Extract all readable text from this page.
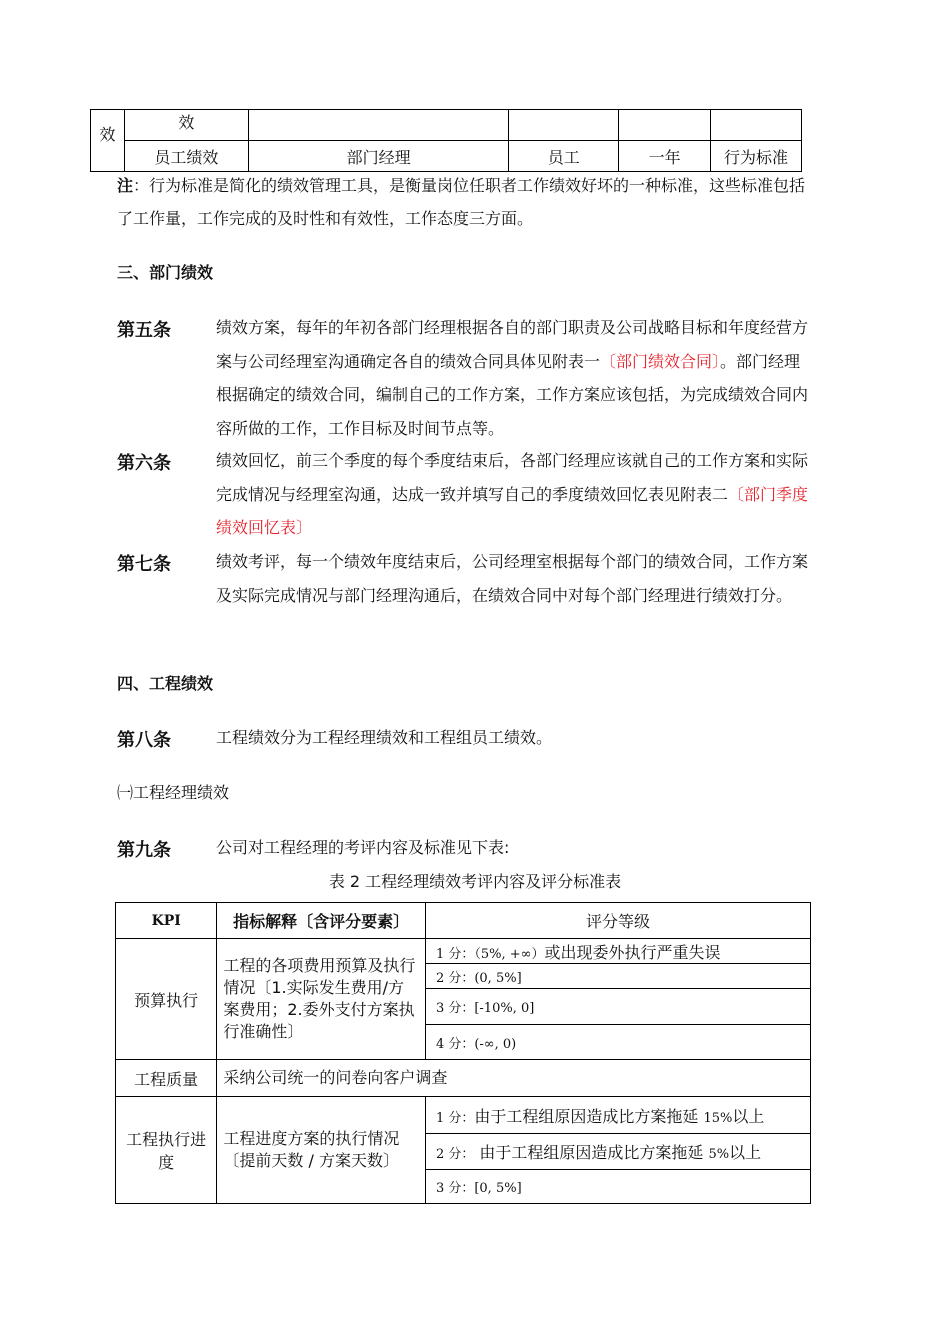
效	效				
	员工绩效	部门经理	员工	一年	行为标准
注：行为标准是简化的绩效管理工具，是衡量岗位任职者工作绩效好坏的一种标准，这些标准包括了工作量，工作完成的及时性和有效性，工作态度三方面。
三、部门绩效
第五条	绩效方案，每年的年初各部门经理根据各自的部门职责及公司战略目标和年度经营方案与公司经理室沟通确定各自的绩效合同具体见附表一〔部门绩效合同〕。部门经理根据确定的绩效合同，编制自己的工作方案，工作方案应该包括，为完成绩效合同内容所做的工作，工作目标及时间节点等。
第六条	绩效回忆，前三个季度的每个季度结束后，各部门经理应该就自己的工作方案和实际完成情况与经理室沟通，达成一致并填写自己的季度绩效回忆表见附表二〔部门季度绩效回忆表〕
第七条	绩效考评，每一个绩效年度结束后，公司经理室根据每个部门的绩效合同，工作方案及实际完成情况与部门经理沟通后，在绩效合同中对每个部门经理进行绩效打分。
四、工程绩效
第八条	工程绩效分为工程经理绩效和工程组员工绩效。
㈠工程经理绩效
第九条	公司对工程经理的考评内容及标准见下表:
表 2 工程经理绩效考评内容及评分标准表
KPI	指标解释〔含评分要素〕	评分等级
预算执行	工程的各项费用预算及执行情况〔1.实际发生费用/方案费用；2.委外支付方案执行准确性〕	1 分：（5%, +∞）或出现委外执行严重失误
		2 分：(0, 5%]
		3 分：[-10%, 0]
		4 分：(-∞, 0)
工程质量	采纳公司统一的问卷向客户调查	
工程执行进度	工程进度方案的执行情况〔提前天数 / 方案天数〕	1 分：由于工程组原因造成比方案拖延 15%以上
		2 分： 由于工程组原因造成比方案拖延 5%以上
		3 分：[0, 5%]
